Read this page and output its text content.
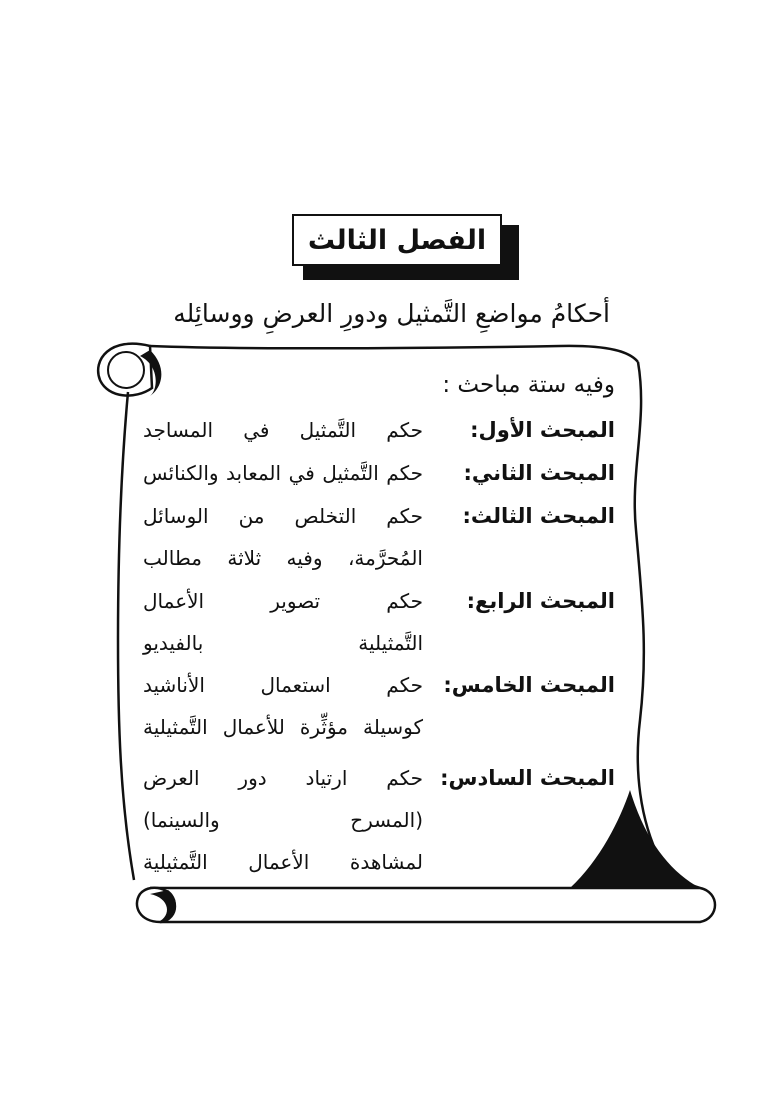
الفصل الثالث
أحكامُ مواضعِ التَّمثيل ودورِ العرضِ ووسائِله
وفيه ستة مباحث :
المبحث الأول:
حكم التَّمثيل في المساجد
المبحث الثاني:
حكم التَّمثيل في المعابد والكنائس
المبحث الثالث:
حكم التخلص من الوسائل
المُحرَّمة، وفيه ثلاثة مطالب
المبحث الرابع:
حكم تصوير الأعمال
التَّمثيلية بالفيديو
المبحث الخامس:
حكم استعمال الأناشيد
كوسيلة مؤثِّرة للأعمال التَّمثيلية
المبحث السادس:
حكم ارتياد دور العرض
(المسرح والسينما)
لمشاهدة الأعمال التَّمثيلية
